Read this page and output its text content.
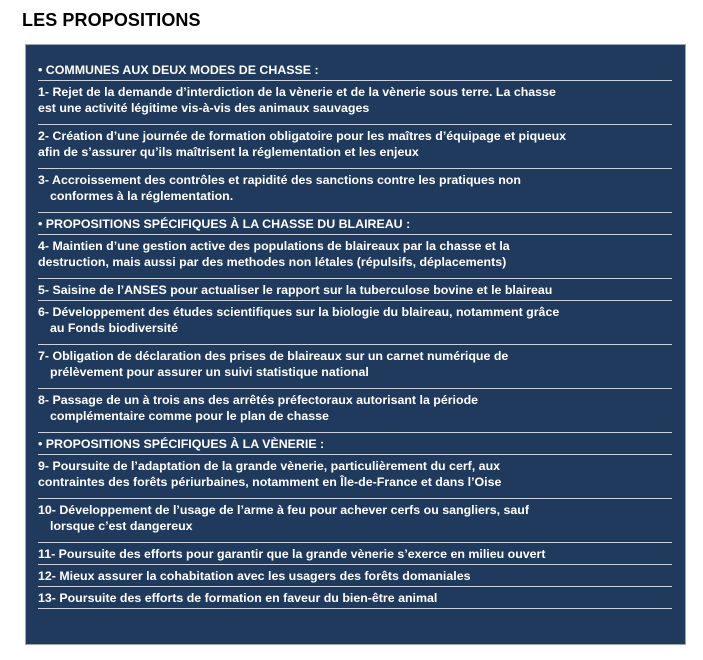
LES PROPOSITIONS
• COMMUNES AUX DEUX MODES DE CHASSE :
1- Rejet de la demande d’interdiction de la vènerie et de la vènerie sous terre. La chasse
est une activité légitime vis-à-vis des animaux sauvages
2- Création d’une journée de formation obligatoire pour les maîtres d’équipage et piqueux
afin de s’assurer qu’ils maîtrisent la réglementation et les enjeux
3- Accroissement des contrôles et rapidité des sanctions contre les pratiques non
conformes à la réglementation.
• PROPOSITIONS SPÉCIFIQUES À LA CHASSE DU BLAIREAU :
4- Maintien d’une gestion active des populations de blaireaux par la chasse et la
destruction, mais aussi par des methodes non létales (répulsifs, déplacements)
5- Saisine de l’ANSES pour actualiser le rapport sur la tuberculose bovine et le blaireau
6- Développement des études scientifiques sur la biologie du blaireau, notamment grâce
au Fonds biodiversité
7- Obligation de déclaration des prises de blaireaux sur un carnet numérique de
prélèvement pour assurer un suivi statistique national
8- Passage de un à trois ans des arrêtés préfectoraux autorisant la période
complémentaire comme pour le plan de chasse
• PROPOSITIONS SPÉCIFIQUES À LA VÈNERIE :
9- Poursuite de l’adaptation de la grande vènerie, particulièrement du cerf, aux
contraintes des forêts périurbaines, notamment en Île-de-France et dans l’Oise
10- Développement de l’usage de l’arme à feu pour achever cerfs ou sangliers, sauf
lorsque c’est dangereux
11- Poursuite des efforts pour garantir que la grande vènerie s’exerce en milieu ouvert
12- Mieux assurer la cohabitation avec les usagers des forêts domaniales
13- Poursuite des efforts de formation en faveur du bien-être animal
